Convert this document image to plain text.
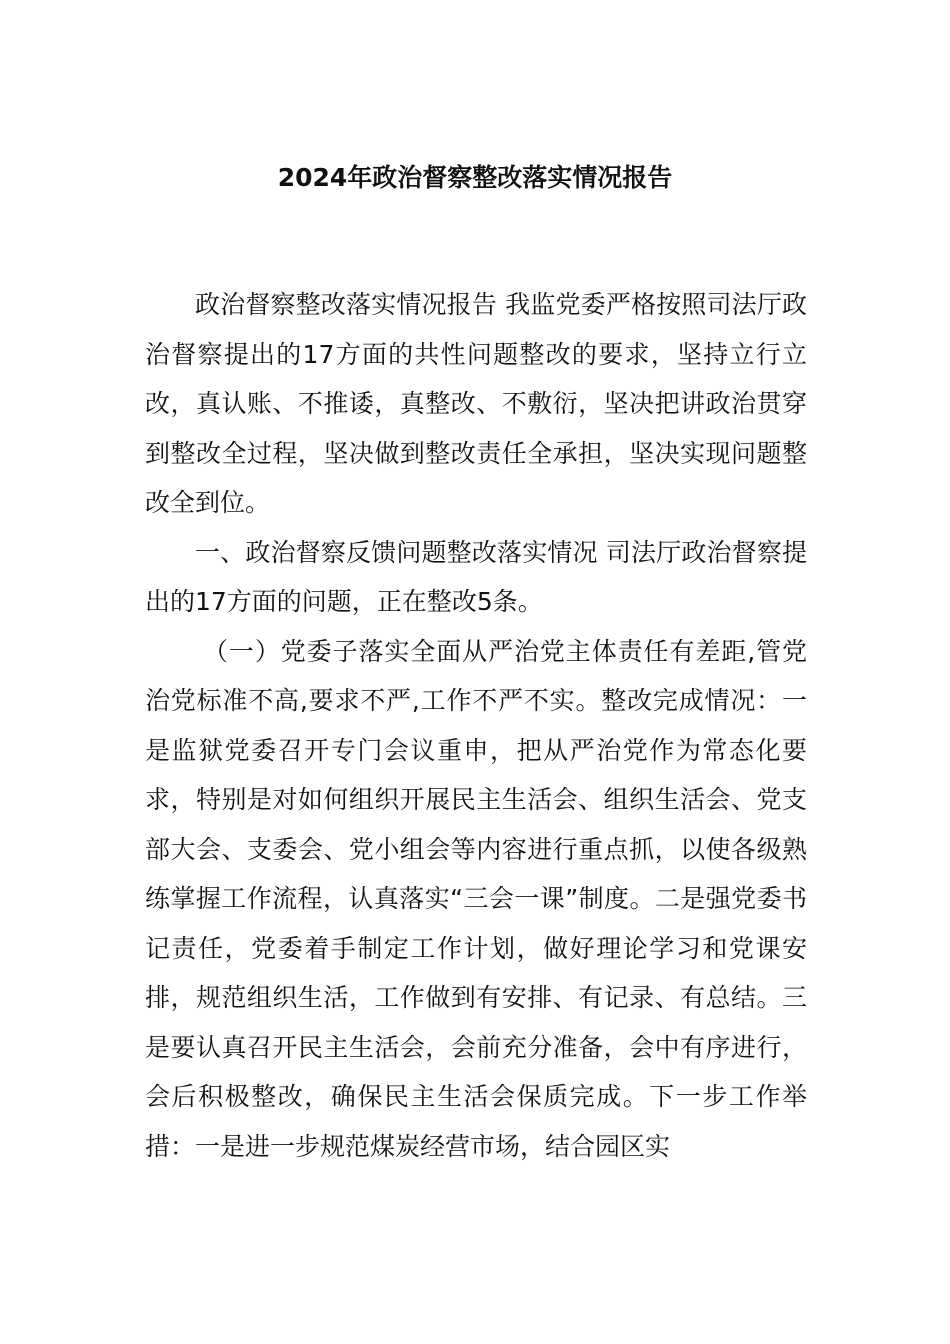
2024年政治督察整改落实情况报告

政治督察整改落实情况报告 我监党委严格按照司法厅政治督察提出的17方面的共性问题整改的要求，坚持立行立改，真认账、不推诿，真整改、不敷衍，坚决把讲政治贯穿到整改全过程，坚决做到整改责任全承担，坚决实现问题整改全到位。

一、政治督察反馈问题整改落实情况 司法厅政治督察提出的17方面的问题，正在整改5条。

（一）党委子落实全面从严治党主体责任有差距,管党治党标准不高,要求不严,工作不严不实。整改完成情况：一是监狱党委召开专门会议重申，把从严治党作为常态化要求，特别是对如何组织开展民主生活会、组织生活会、党支部大会、支委会、党小组会等内容进行重点抓，以使各级熟练掌握工作流程，认真落实“三会一课”制度。二是强党委书记责任，党委着手制定工作计划，做好理论学习和党课安排，规范组织生活，工作做到有安排、有记录、有总结。三是要认真召开民主生活会，会前充分准备，会中有序进行，会后积极整改，确保民主生活会保质完成。下一步工作举措：一是进一步规范煤炭经营市场，结合园区实
